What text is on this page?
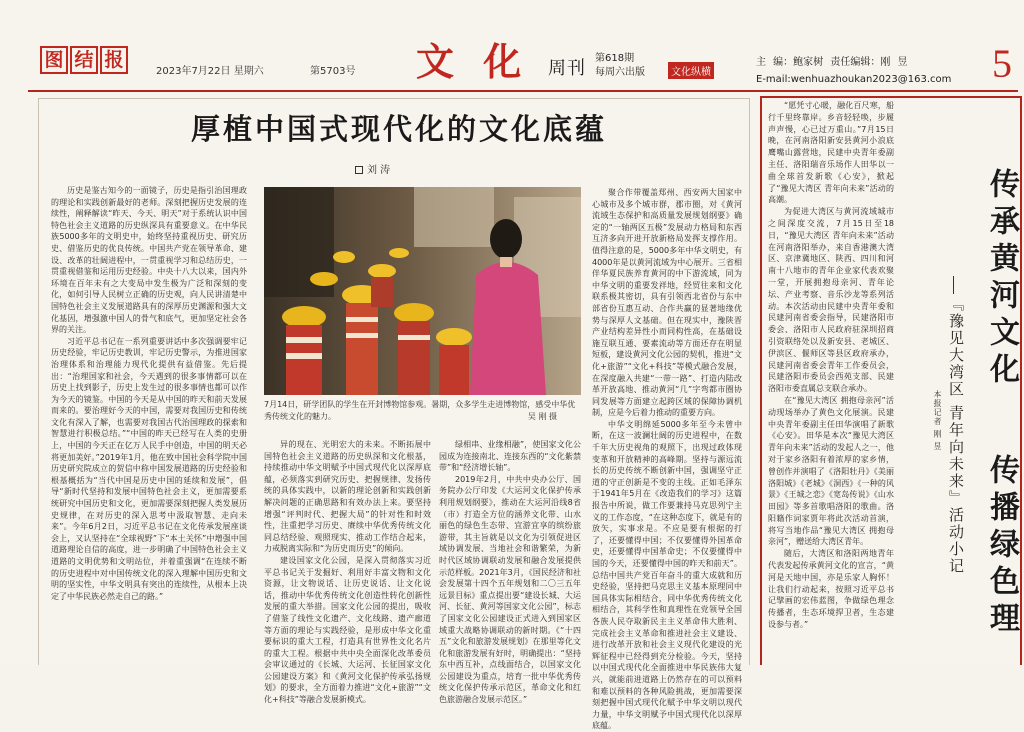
图 结 报
2023年7月22日 星期六	第5703号 文 化 周刊 第618期
每周六出版	文化纵横
主 编：鲍家树 责任编辑：刚 昱
E-mail:wenhuazhoukan2023@163.com 5
厚植中国式现代化的文化底蕴
刘 涛

历史是鉴古知今的一面镜子，历史是指引治国理政的理论和实践创新最好的老师。深刻把握历史发展的连续性，阐释解读“昨天、今天、明天”对于系统认识中国特色社会主义道路的历史纵深具有重要意义。在中华民族5000多年的文明史中，始终坚持重视历史、研究历史、借鉴历史的优良传统。中国共产党在领导革命、建设、改革的壮阔进程中，一贯重视学习和总结历史，一贯重视借鉴和运用历史经验。中央十八大以来，国内外环境在百年未有之大变局中发生极为广泛和深刻的变化，如何引导人民树立正确的历史观，向人民讲清楚中国特色社会主义发展道路具有的深厚历史渊源和强大文化基因，增强激中国人的骨气和底气，更加坚定社会各界的关注。

习近平总书记在一系列重要讲话中多次强调要牢记历史经验，牢记历史教训，牢记历史警示，为推进国家治理体系和治理能力现代化提供有益借鉴。先后提出：“治理国家和社会，今天遇到的很多事情都可以在历史上找到影子，历史上发生过的很多事情也都可以作为今天的镜鉴。中国的今天是从中国的昨天和前天发展而来的。要治理好今天的中国，需要对我国历史和传统文化有深入了解，也需要对我国古代治国理政的探索和智慧进行积极总结。”“中国的昨天已经写在人类的史册上，中国的今天正在亿万人民手中创造，中国的明天必将更加美好。”2019年1月，他在致中国社会科学院中国历史研究院成立的贺信中称中国发展道路的历史经验和根基概括为“当代中国是历史中国的延续和发展”，倡导“新时代坚持和发展中国特色社会主义，更加需要系统研究中国历史和文化，更加需要深刻把握人类发展历史规律，在对历史的深入思考中汲取智慧、走向未来”。今年6月2日，习近平总书记在文化传承发展座谈会上，又认坚持在“全球视野”下“本土关怀”中增强中国道路理论自信的高度，进一步明确了中国特色社会主义道路的文明优势和文明站位，并着重强调“在连续不断的历史进程中对中国传统文化的深入理解中国历史和文明的坚实性，中华文明具有突出的连续性，从根本上决定了中华民族必然走自己的路。”

7月14日，研学团队的学生在开封博物馆参观。暑期，众多学生走进博物馆，感受中华优秀传统文化的魅力。	吴 刚 摄

异的现在、光明宏大的未来。不断拓展中国特色社会主义道路的历史纵深和文化根基，持续推动中华文明赋予中国式现代化以深厚底蕴，必须落实到研究历史、把握规律、发扬传统的具体实践中，以新的理论创新和实践创新解决问题的正确思路和有效办法上来。要坚持增强“评判时代、把握大局”的针对性和时效性，注重把学习历史、赓续中华优秀传统文化同总结经验、观照现实、推动工作结合起来，力戒脱离实际和“为历史而历史”的倾向。

建设国家文化公园，是深入贯彻落实习近平总书记关于发掘好、利用好丰富文物和文化资源，让文物说话、让历史说话、让文化说话，推动中华优秀传统文化创造性转化创新性发展的重大举措。国家文化公园的提出，吸收了借鉴了线性文化遗产、文化线路、遗产廊道等方面的理论与实践经验，是形成中华文化重要标识的重大工程，打造具有世界性文化名片的重大工程。根据中共中央全面深化改革委员会审议通过的《长城、大运河、长征国家文化公园建设方案》和《黄河文化保护传承弘扬规划》的要求，全方面着力推进“文化+旅游”“文化+科技”等融合发展新模式。

绿相串、业缘相融”，使国家文化公园成为连接南北、连接东西的“文化紫禁带”和“经济增长轴”。

2019年2月，中共中央办公厅、国务院办公厅印发《大运河文化保护传承利用规划纲要》，推动在大运河沿线8省（市）打造全方位的涵养文化带、山水丽色的绿色生态带、宜游宜享的缤纷旅游带，其主旨就是以文化为引领促进区域协调发展、当地社会和谐繁荣，为新时代区域协调联动发展和融合发展提供示范样板。2021年3月，《国民经济和社会发展第十四个五年规划和二〇三五年远景目标》重点提出要“建设长城、大运河、长征、黄河等国家文化公园”，标志了国家文化公园建设正式进入到国家区域重大战略协调联动的新时期。《“十四五”文化和旅游发展规划》在那里等化文化和旅游发展有好时，明确提出：“坚持东中西互补，点线面结合，以国家文化公园建设为重点，培育一批中华优秀传统文化保护传承示范区，革命文化和红色旅游融合发展示范区。”

聚合作带覆盖郑州、西安两大国家中心城市及多个城市群，郡市圈，对《黄河流域生态保护和高质量发展规划纲要》确定的“一轴两区五极”发展动力格局和东西互济多向开进开放新格局发挥支撑作用。值得注意的是，5000多年中华文明史，有4000年是以黄河流域为中心展开。三省相伴华夏民族养育黄河的中下游流域，同为中华文明的重要发祥地，经贸往来和文化联系极其密切，具有引领西北省份与东中部省份互惠互动、合作共赢的显著地缘优势与深厚人文基础。但在现实中，豫陕晋产业结构差异性小而同构性高，在基础设施互联互通、要素流动等方面还存在明显短板，建设黄河文化公园的契机，推进“文化+旅游”“文化+科技”等模式融合发展，在深度融入共建“一带一路”、打造内陆改革开放高地、推动黄河“几”字弯都市圈协同发展等方面建立起跨区域的保障协调机制，应是今后着力推动的重要方向。

中华文明绵延5000多年至今未曾中断，在这一波澜壮阔的历史进程中，在数千年大历史视角的观照下，出现过政体现变革和开放精神的高峰期。坚持与源远流长的历史传统不断创新中国，强调坚守正道的守正创新是不变的主线。正如毛泽东于1941年5月在《改造我们的学习》这篇报告中所说，做工作要兼持马克思列宁主义的工作态度，“在这种态度下，就是有的放矢，实事求是。不应是要有根据的打了，还要懂得中国；不仅要懂得外国革命史，还要懂得中国革命史；不仅要懂得中国的今天，还要懂得中国的昨天和前天”。总结中国共产党百年奋斗的重大成就和历史经验，坚持把马克思主义基本原理同中国具体实际相结合，同中华优秀传统文化相结合，其科学性和真理性在党领导全国各族人民夺取新民主主义革命伟大胜利、完成社会主义革命和推进社会主义建设、进行改革开放和社会主义现代化建设的光辉征程中已经得到充分检验。今天，坚持以中国式现代化全面推进中华民族伟大复兴，就能前进道路上仍然存在的可以预料和难以预料的各种风险挑战，更加需要深刻把握中国式现代化赋予中华文明以现代力量，中华文明赋予中国式现代化以深厚底蕴。

“愿凭寸心暖，融化百尺寒，船行千里终靠岸。乡音轻轻唤，步履声声慢，心已过万重山。”7月15日晚，在河南洛阳新安县黄河小浪底鹰嘴山露营地，民建中央青年委副主任、洛阳瑞音乐场作人田华以一曲全球首发新歌《心安》，掀起了“豫见大湾区 青年向未来”活动的高潮。

为促进大湾区与黄河流域城市之间深度交流，7月15日至18日，“豫见大湾区 青年向未来”活动在河南洛阳举办，来自香港澳大湾区、京津冀地区、陕西、四川和河南十八地市的青年企业家代表欢聚一堂，开展拥抱母亲河、青年论坛、产业考察、音乐沙龙等系列活动。本次活动由民建中央青年委和民建河南省委会指导，民建洛阳市委会、洛阳市人民政府驻深圳招商引资联络处以及新安县、老城区、伊滨区、偃师区等县区政府承办，民建河南省委会青年工作委员会，民建洛阳市委员会西苑支部、民建洛阳市委直属总支联合承办。

在“豫见大湾区 拥抱母亲河”活动现场举办了黄色文化展演。民建中央青年委副主任田华演唱了新歌《心安》。田华是本次“豫见大湾区 青年向未来”活动的发起人之一，他对于家乡洛阳有着浓厚的家乡情，曾创作并演唱了《洛阳牡丹》《美丽洛阳城》《老城》《洞西》《一种的风景》《王城之恋》《宽岛传说》《山水田园》等多首歌唱洛阳的歌曲。洛阳籍作词家贾年将此次活动首演，将写当地作品“豫见大湾区 拥抱母亲河”，赠送给大湾区青年。

随后，大湾区和洛阳两地青年代表发起传承黄河文化的宣言，“黄河是天地中国，亦是乐家人胸怀！让我们行动起来，按照习近平总书记擘画的宏伟蓝图，争做绿色理念传播者，生态环境捍卫者，生态建设参与者。”

传承黄河文化
传播绿色理
『豫见大湾区 青年向未来』活动小记
本报记者 刚 昱
